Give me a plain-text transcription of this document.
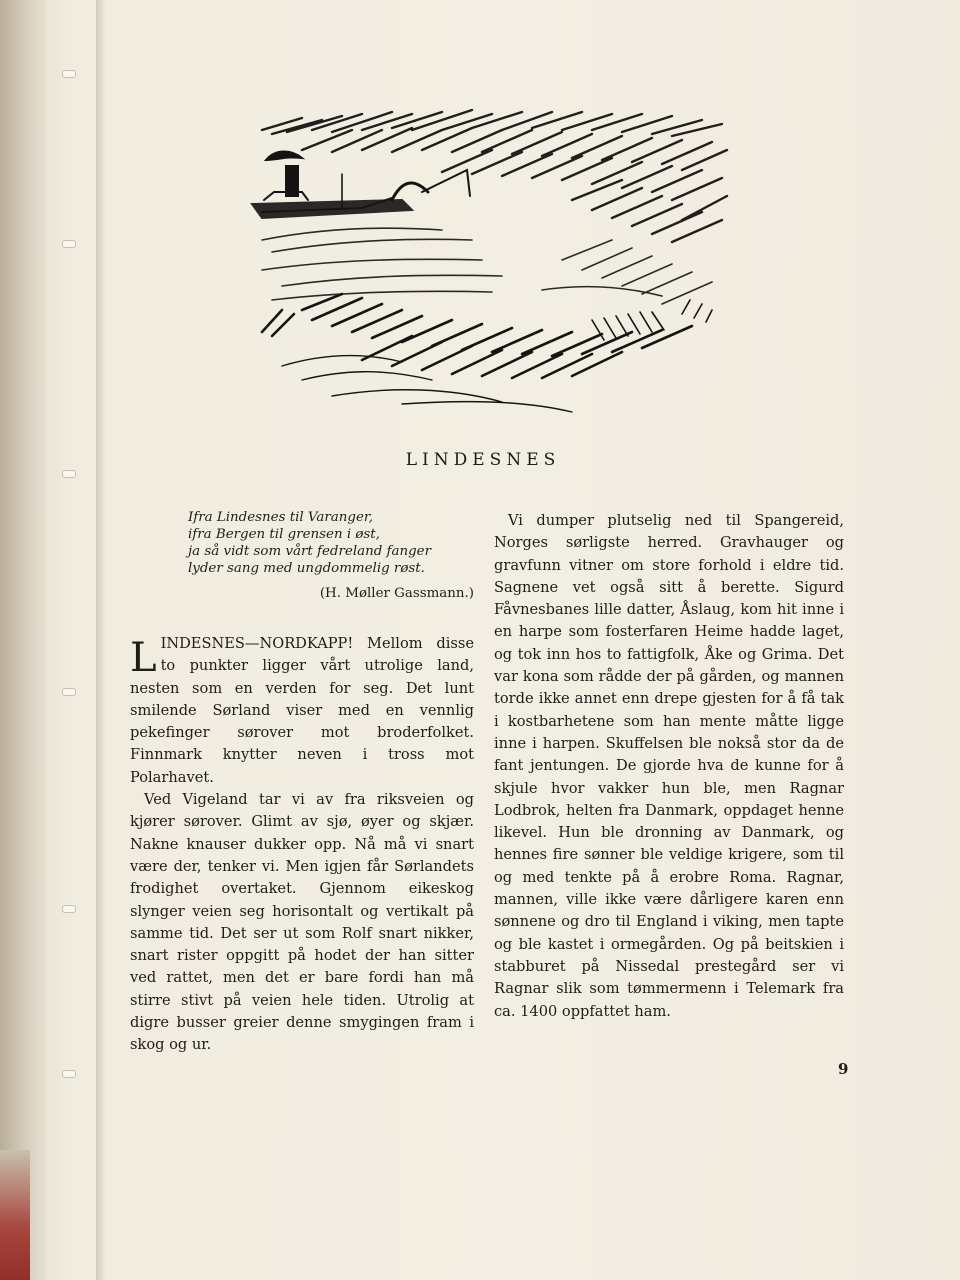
LINDESNES
Ifra Lindesnes til Varanger,
ifra Bergen til grensen i øst,
ja så vidt som vårt fedreland fanger
lyder sang med ungdommelig røst.
(H. Møller Gassmann.)

LINDESNES—NORDKAPP! Mellom disse to punkter ligger vårt utrolige land, nesten som en verden for seg. Det lunt smilende Sørland viser med en vennlig pekefinger sørover mot broderfolket. Finnmark knytter neven i tross mot Polarhavet.

Ved Vigeland tar vi av fra riksveien og kjører sørover. Glimt av sjø, øyer og skjær. Nakne knauser dukker opp. Nå må vi snart være der, tenker vi. Men igjen får Sørlandets frodighet overtaket. Gjennom eikeskog slynger veien seg horisontalt og vertikalt på samme tid. Det ser ut som Rolf snart nikker, snart rister oppgitt på hodet der han sitter ved rattet, men det er bare fordi han må stirre stivt på veien hele tiden. Utrolig at digre busser greier denne smygingen fram i skog og ur.

Vi dumper plutselig ned til Spangereid, Norges sørligste herred. Gravhauger og gravfunn vitner om store forhold i eldre tid. Sagnene vet også sitt å berette. Sigurd Fåvnesbanes lille datter, Åslaug, kom hit inne i en harpe som fosterfaren Heime hadde laget, og tok inn hos to fattigfolk, Åke og Grima. Det var kona som rådde der på gården, og mannen torde ikke annet enn drepe gjesten for å få tak i kostbarhetene som han mente måtte ligge inne i harpen. Skuffelsen ble nokså stor da de fant jentungen. De gjorde hva de kunne for å skjule hvor vakker hun ble, men Ragnar Lodbrok, helten fra Danmark, oppdaget henne likevel. Hun ble dronning av Danmark, og hennes fire sønner ble veldige krigere, som til og med tenkte på å erobre Roma. Ragnar, mannen, ville ikke være dårligere karen enn sønnene og dro til England i viking, men tapte og ble kastet i ormegården. Og på beitskien i stabburet på Nissedal prestegård ser vi Ragnar slik som tømmermenn i Telemark fra ca. 1400 oppfattet ham.

9
